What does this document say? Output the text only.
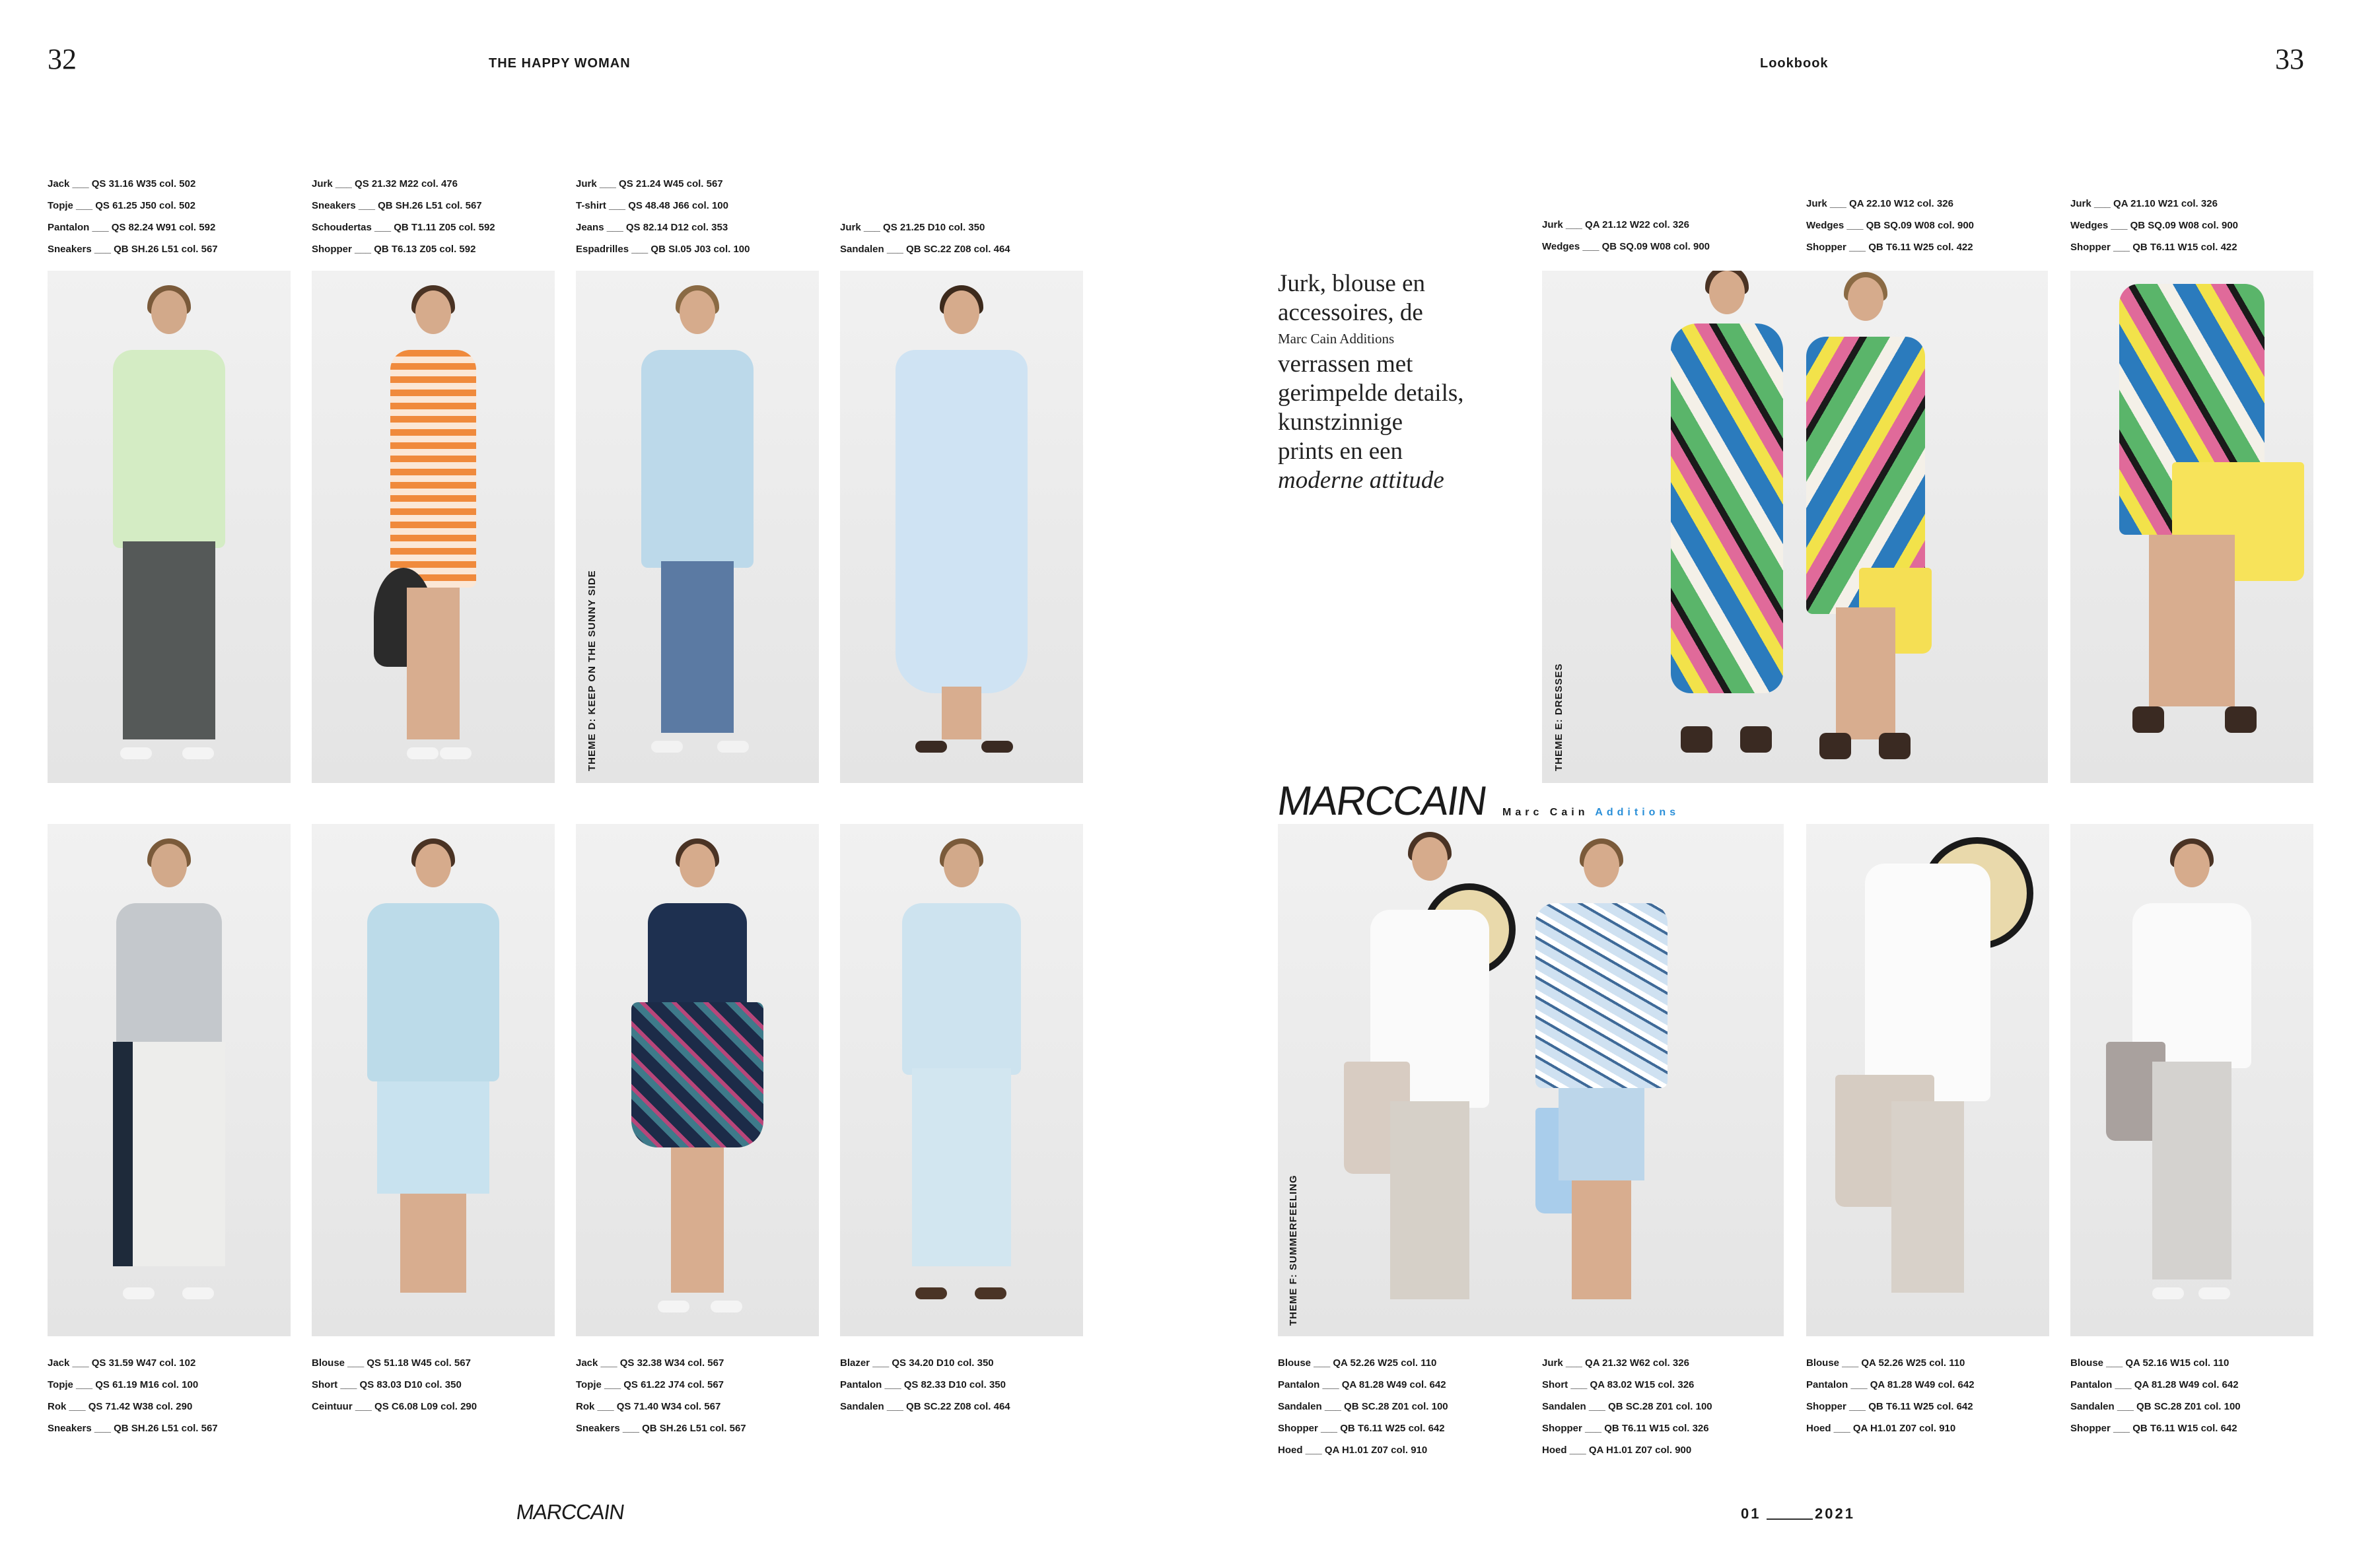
32	THE HAPPY WOMAN	Lookbook	33
Jack ___ QS 31.16 W35 col. 502
Topje ___ QS 61.25 J50 col. 502
Pantalon ___ QS 82.24 W91 col. 592
Sneakers ___ QB SH.26 L51 col. 567
Jurk ___ QS 21.32 M22 col. 476
Sneakers ___ QB SH.26 L51 col. 567
Schoudertas ___ QB T1.11 Z05 col. 592
Shopper ___ QB T6.13 Z05 col. 592
Jurk ___ QS 21.24 W45 col. 567
T-shirt ___ QS 48.48 J66 col. 100
Jeans ___ QS 82.14 D12 col. 353
Espadrilles ___ QB SI.05 J03 col. 100
Jurk ___ QS 21.25 D10 col. 350
Sandalen ___ QB SC.22 Z08 col. 464
THEME D: KEEP ON THE SUNNY SIDE
Jack ___ QS 31.59 W47 col. 102
Topje ___ QS 61.19 M16 col. 100
Rok ___ QS 71.42 W38 col. 290
Sneakers ___ QB SH.26 L51 col. 567
Blouse ___ QS 51.18 W45 col. 567
Short ___ QS 83.03 D10 col. 350
Ceintuur ___ QS C6.08 L09 col. 290
Jack ___ QS 32.38 W34 col. 567
Topje ___ QS 61.22 J74 col. 567
Rok ___ QS 71.40 W34 col. 567
Sneakers ___ QB SH.26 L51 col. 567
Blazer ___ QS 34.20 D10 col. 350
Pantalon ___ QS 82.33 D10 col. 350
Sandalen ___ QB SC.22 Z08 col. 464
MARCCAIN
Jurk ___ QA 21.12 W22 col. 326
Wedges ___ QB SQ.09 W08 col. 900
Jurk ___ QA 22.10 W12 col. 326
Wedges ___ QB SQ.09 W08 col. 900
Shopper ___ QB T6.11 W25 col. 422
Jurk ___ QA 21.10 W21 col. 326
Wedges ___ QB SQ.09 W08 col. 900
Shopper ___ QB T6.11 W15 col. 422
Jurk, blouse en
accessoires, de
Marc Cain Additions
verrassen met
gerimpelde details,
kunstzinnige
prints en een
moderne attitude
THEME E: DRESSES
MARCCAIN Marc Cain Additions
THEME F: SUMMERFEELING
Blouse ___ QA 52.26 W25 col. 110
Pantalon ___ QA 81.28 W49 col. 642
Sandalen ___ QB SC.28 Z01 col. 100
Shopper ___ QB T6.11 W25 col. 642
Hoed ___ QA H1.01 Z07 col. 910
Jurk ___ QA 21.32 W62 col. 326
Short ___ QA 83.02 W15 col. 326
Sandalen ___ QB SC.28 Z01 col. 100
Shopper ___ QB T6.11 W15 col. 326
Hoed ___ QA H1.01 Z07 col. 900
Blouse ___ QA 52.26 W25 col. 110
Pantalon ___ QA 81.28 W49 col. 642
Shopper ___ QB T6.11 W25 col. 642
Hoed ___ QA H1.01 Z07 col. 910
Blouse ___ QA 52.16 W15 col. 110
Pantalon ___ QA 81.28 W49 col. 642
Sandalen ___ QB SC.28 Z01 col. 100
Shopper ___ QB T6.11 W15 col. 642
01	2021
